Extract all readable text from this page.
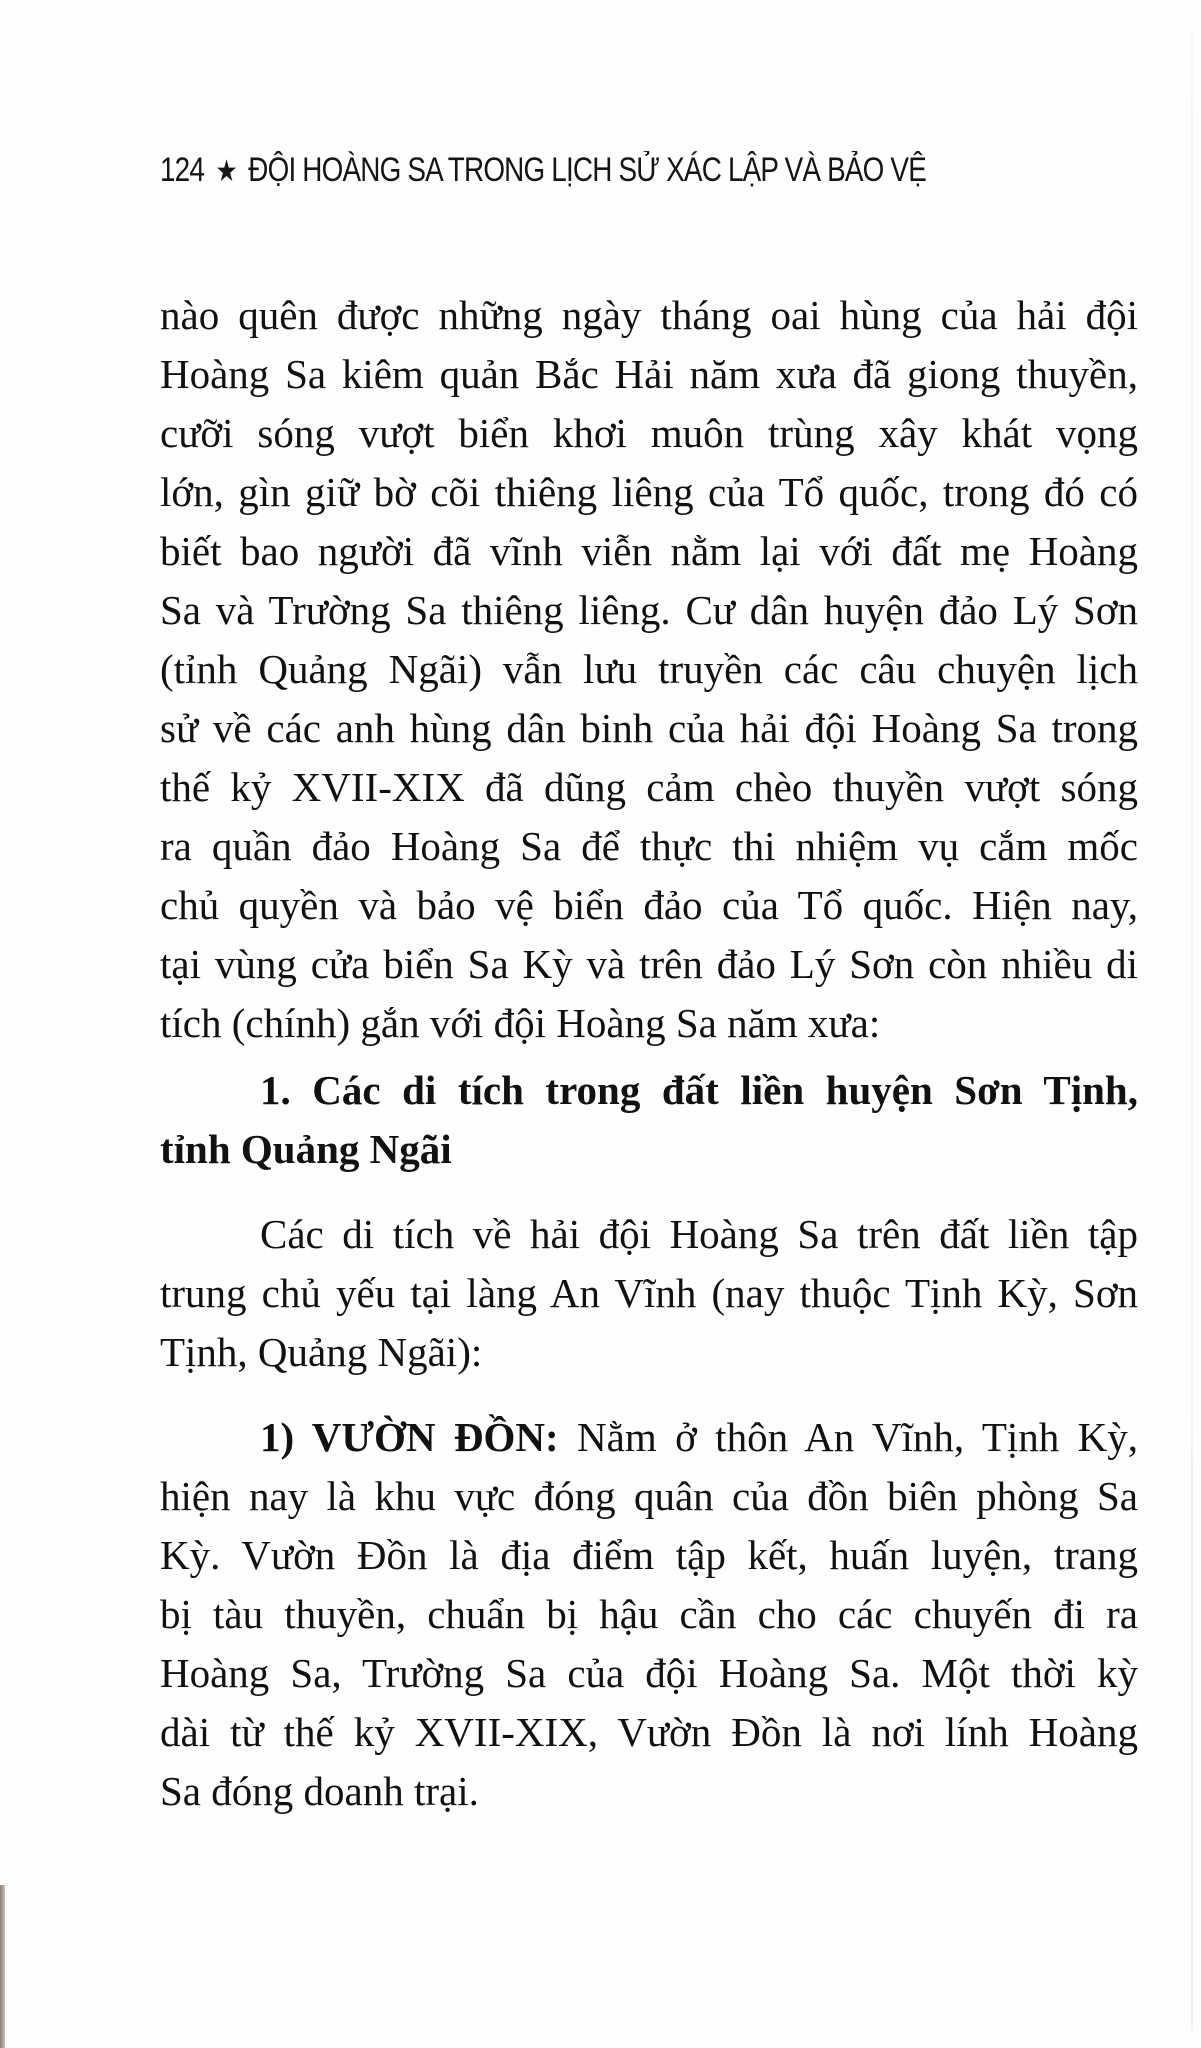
124 ★ ĐỘI HOÀNG SA TRONG LỊCH SỬ XÁC LẬP VÀ BẢO VỆ
nào quên được những ngày tháng oai hùng của hải đội
Hoàng Sa kiêm quản Bắc Hải năm xưa đã giong thuyền,
cưỡi sóng vượt biển khơi muôn trùng xây khát vọng
lớn, gìn giữ bờ cõi thiêng liêng của Tổ quốc, trong đó có
biết bao người đã vĩnh viễn nằm lại với đất mẹ Hoàng
Sa và Trường Sa thiêng liêng. Cư dân huyện đảo Lý Sơn
(tỉnh Quảng Ngãi) vẫn lưu truyền các câu chuyện lịch
sử về các anh hùng dân binh của hải đội Hoàng Sa trong
thế kỷ XVII-XIX đã dũng cảm chèo thuyền vượt sóng
ra quần đảo Hoàng Sa để thực thi nhiệm vụ cắm mốc
chủ quyền và bảo vệ biển đảo của Tổ quốc. Hiện nay,
tại vùng cửa biển Sa Kỳ và trên đảo Lý Sơn còn nhiều di
tích (chính) gắn với đội Hoàng Sa năm xưa:
1. Các di tích trong đất liền huyện Sơn Tịnh,
tỉnh Quảng Ngãi
Các di tích về hải đội Hoàng Sa trên đất liền tập
trung chủ yếu tại làng An Vĩnh (nay thuộc Tịnh Kỳ, Sơn
Tịnh, Quảng Ngãi):
1) VƯỜN ĐỒN: Nằm ở thôn An Vĩnh, Tịnh Kỳ,
hiện nay là khu vực đóng quân của đồn biên phòng Sa
Kỳ. Vườn Đồn là địa điểm tập kết, huấn luyện, trang
bị tàu thuyền, chuẩn bị hậu cần cho các chuyến đi ra
Hoàng Sa, Trường Sa của đội Hoàng Sa. Một thời kỳ
dài từ thế kỷ XVII-XIX, Vườn Đồn là nơi lính Hoàng
Sa đóng doanh trại.
